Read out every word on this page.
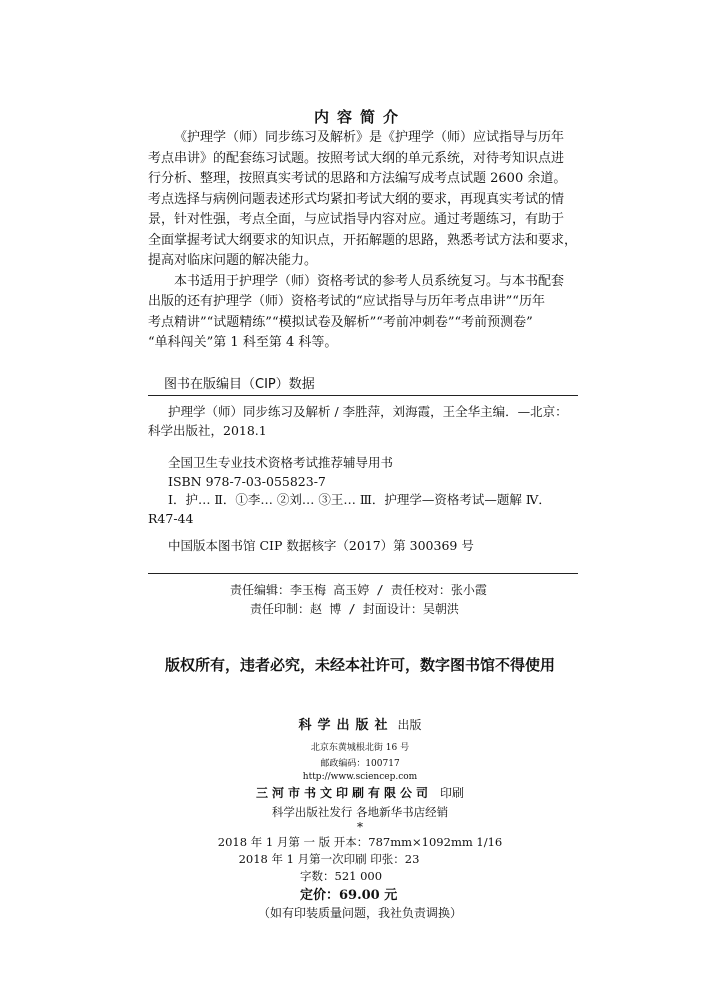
内容简介

《护理学（师）同步练习及解析》是《护理学（师）应试指导与历年
考点串讲》的配套练习试题。按照考试大纲的单元系统，对待考知识点进
行分析、整理，按照真实考试的思路和方法编写成考点试题 2600 余道。
考点选择与病例问题表述形式均紧扣考试大纲的要求，再现真实考试的情
景，针对性强，考点全面，与应试指导内容对应。通过考题练习，有助于
全面掌握考试大纲要求的知识点，开拓解题的思路，熟悉考试方法和要求，
提高对临床问题的解决能力。

本书适用于护理学（师）资格考试的参考人员系统复习。与本书配套
出版的还有护理学（师）资格考试的“应试指导与历年考点串讲”“历年
考点精讲”“试题精练”“模拟试卷及解析”“考前冲刺卷”“考前预测卷”
“单科闯关”第 1 科至第 4 科等。

图书在版编目（CIP）数据
护理学（师）同步练习及解析 / 李胜萍，刘海霞，王全华主编．—北京：
科学出版社，2018.1
全国卫生专业技术资格考试推荐辅导用书
ISBN 978-7-03-055823-7
Ⅰ．护… Ⅱ．①李… ②刘… ③王… Ⅲ．护理学—资格考试—题解 Ⅳ．
R47-44
中国版本图书馆 CIP 数据核字（2017）第 300369 号
责任编辑：李玉梅 高玉婷 / 责任校对：张小霞
责任印制：赵 博 / 封面设计：吴朝洪
版权所有，违者必究，未经本社许可，数字图书馆不得使用
科学出版社 出版
北京东黄城根北街 16 号
邮政编码：100717
http://www.sciencep.com
三河市书文印刷有限公司 印刷
科学出版社发行 各地新华书店经销
*
2018 年 1 月第 一 版 开本：787mm×1092mm 1/16
2018 年 1 月第一次印刷 印张：23
字数：521 000
定价：69.00 元
（如有印装质量问题，我社负责调换）
